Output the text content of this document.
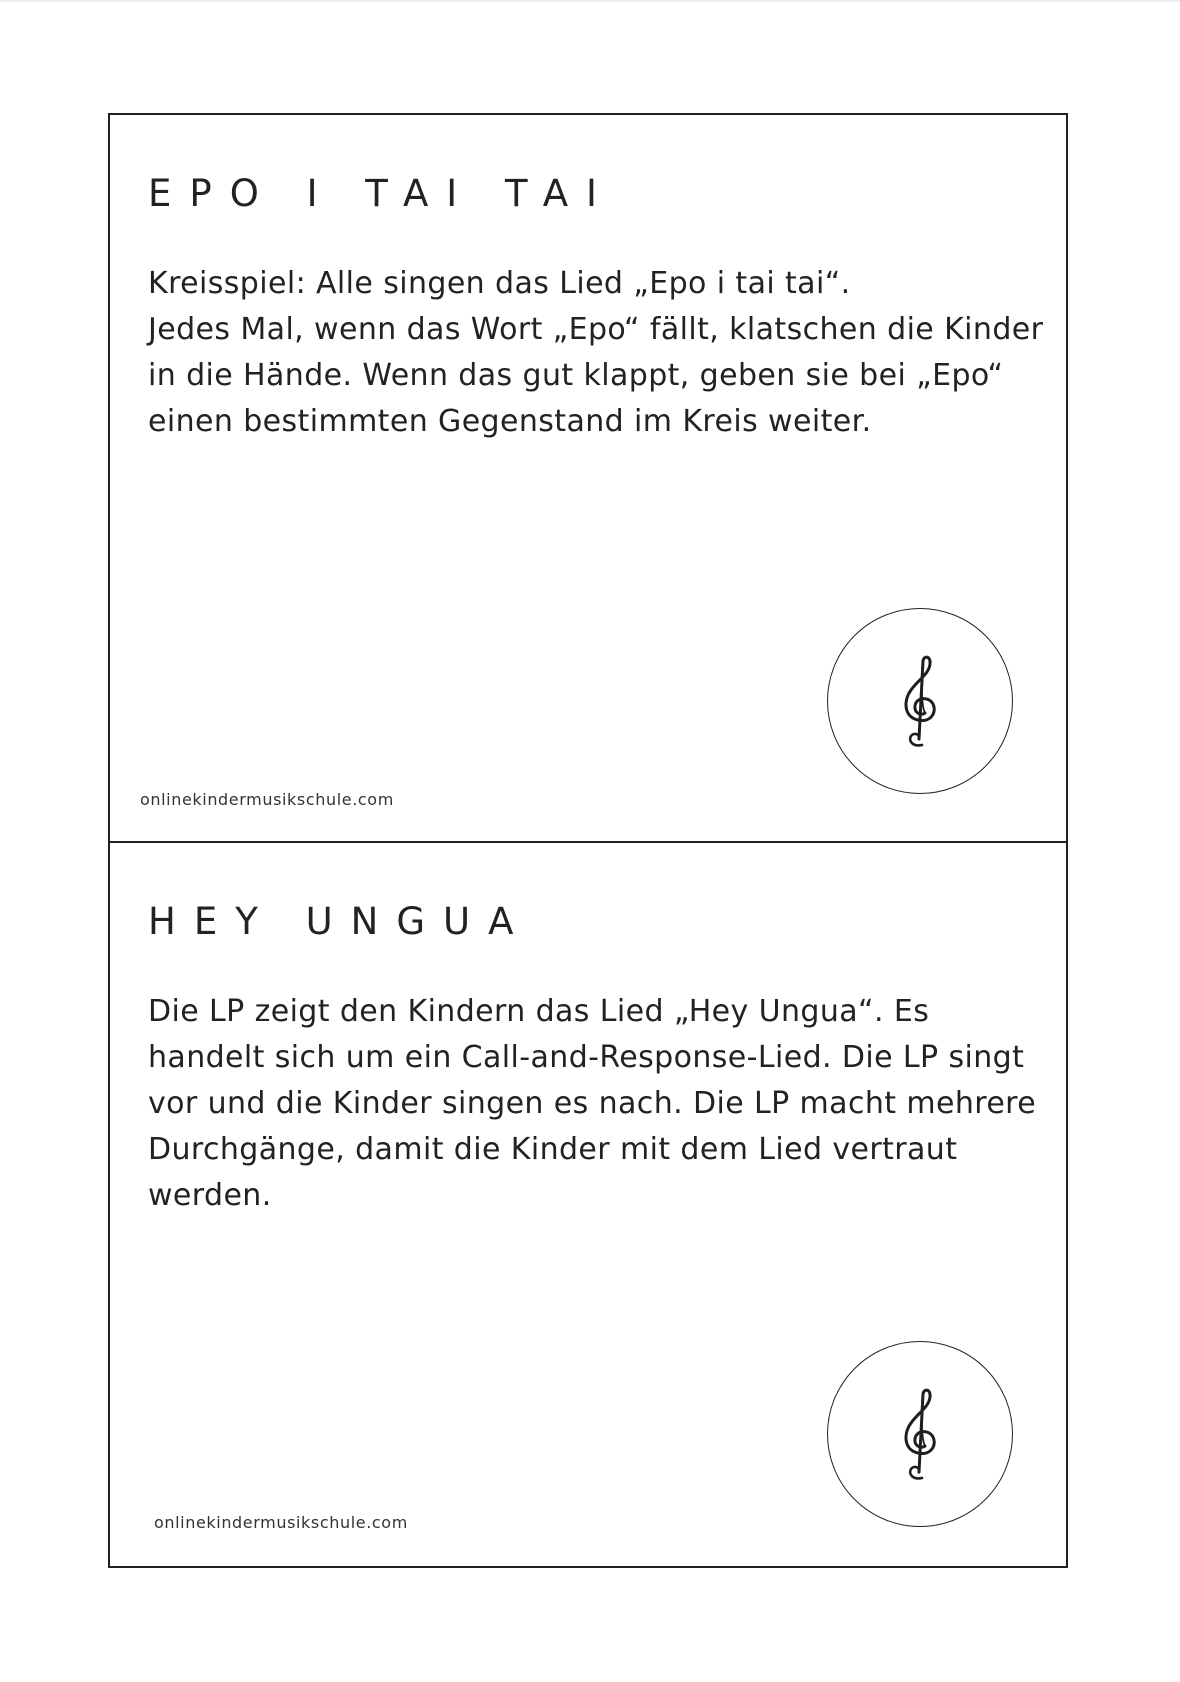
EPO I TAI TAI

Kreisspiel: Alle singen das Lied „Epo i tai tai“.
Jedes Mal, wenn das Wort „Epo“ fällt, klatschen die Kinder
in die Hände. Wenn das gut klappt, geben sie bei „Epo“
einen bestimmten Gegenstand im Kreis weiter.

onlinekindermusikschule.com
HEY UNGUA

Die LP zeigt den Kindern das Lied „Hey Ungua“. Es
handelt sich um ein Call-and-Response-Lied. Die LP singt
vor und die Kinder singen es nach. Die LP macht mehrere
Durchgänge, damit die Kinder mit dem Lied vertraut
werden.

onlinekindermusikschule.com
